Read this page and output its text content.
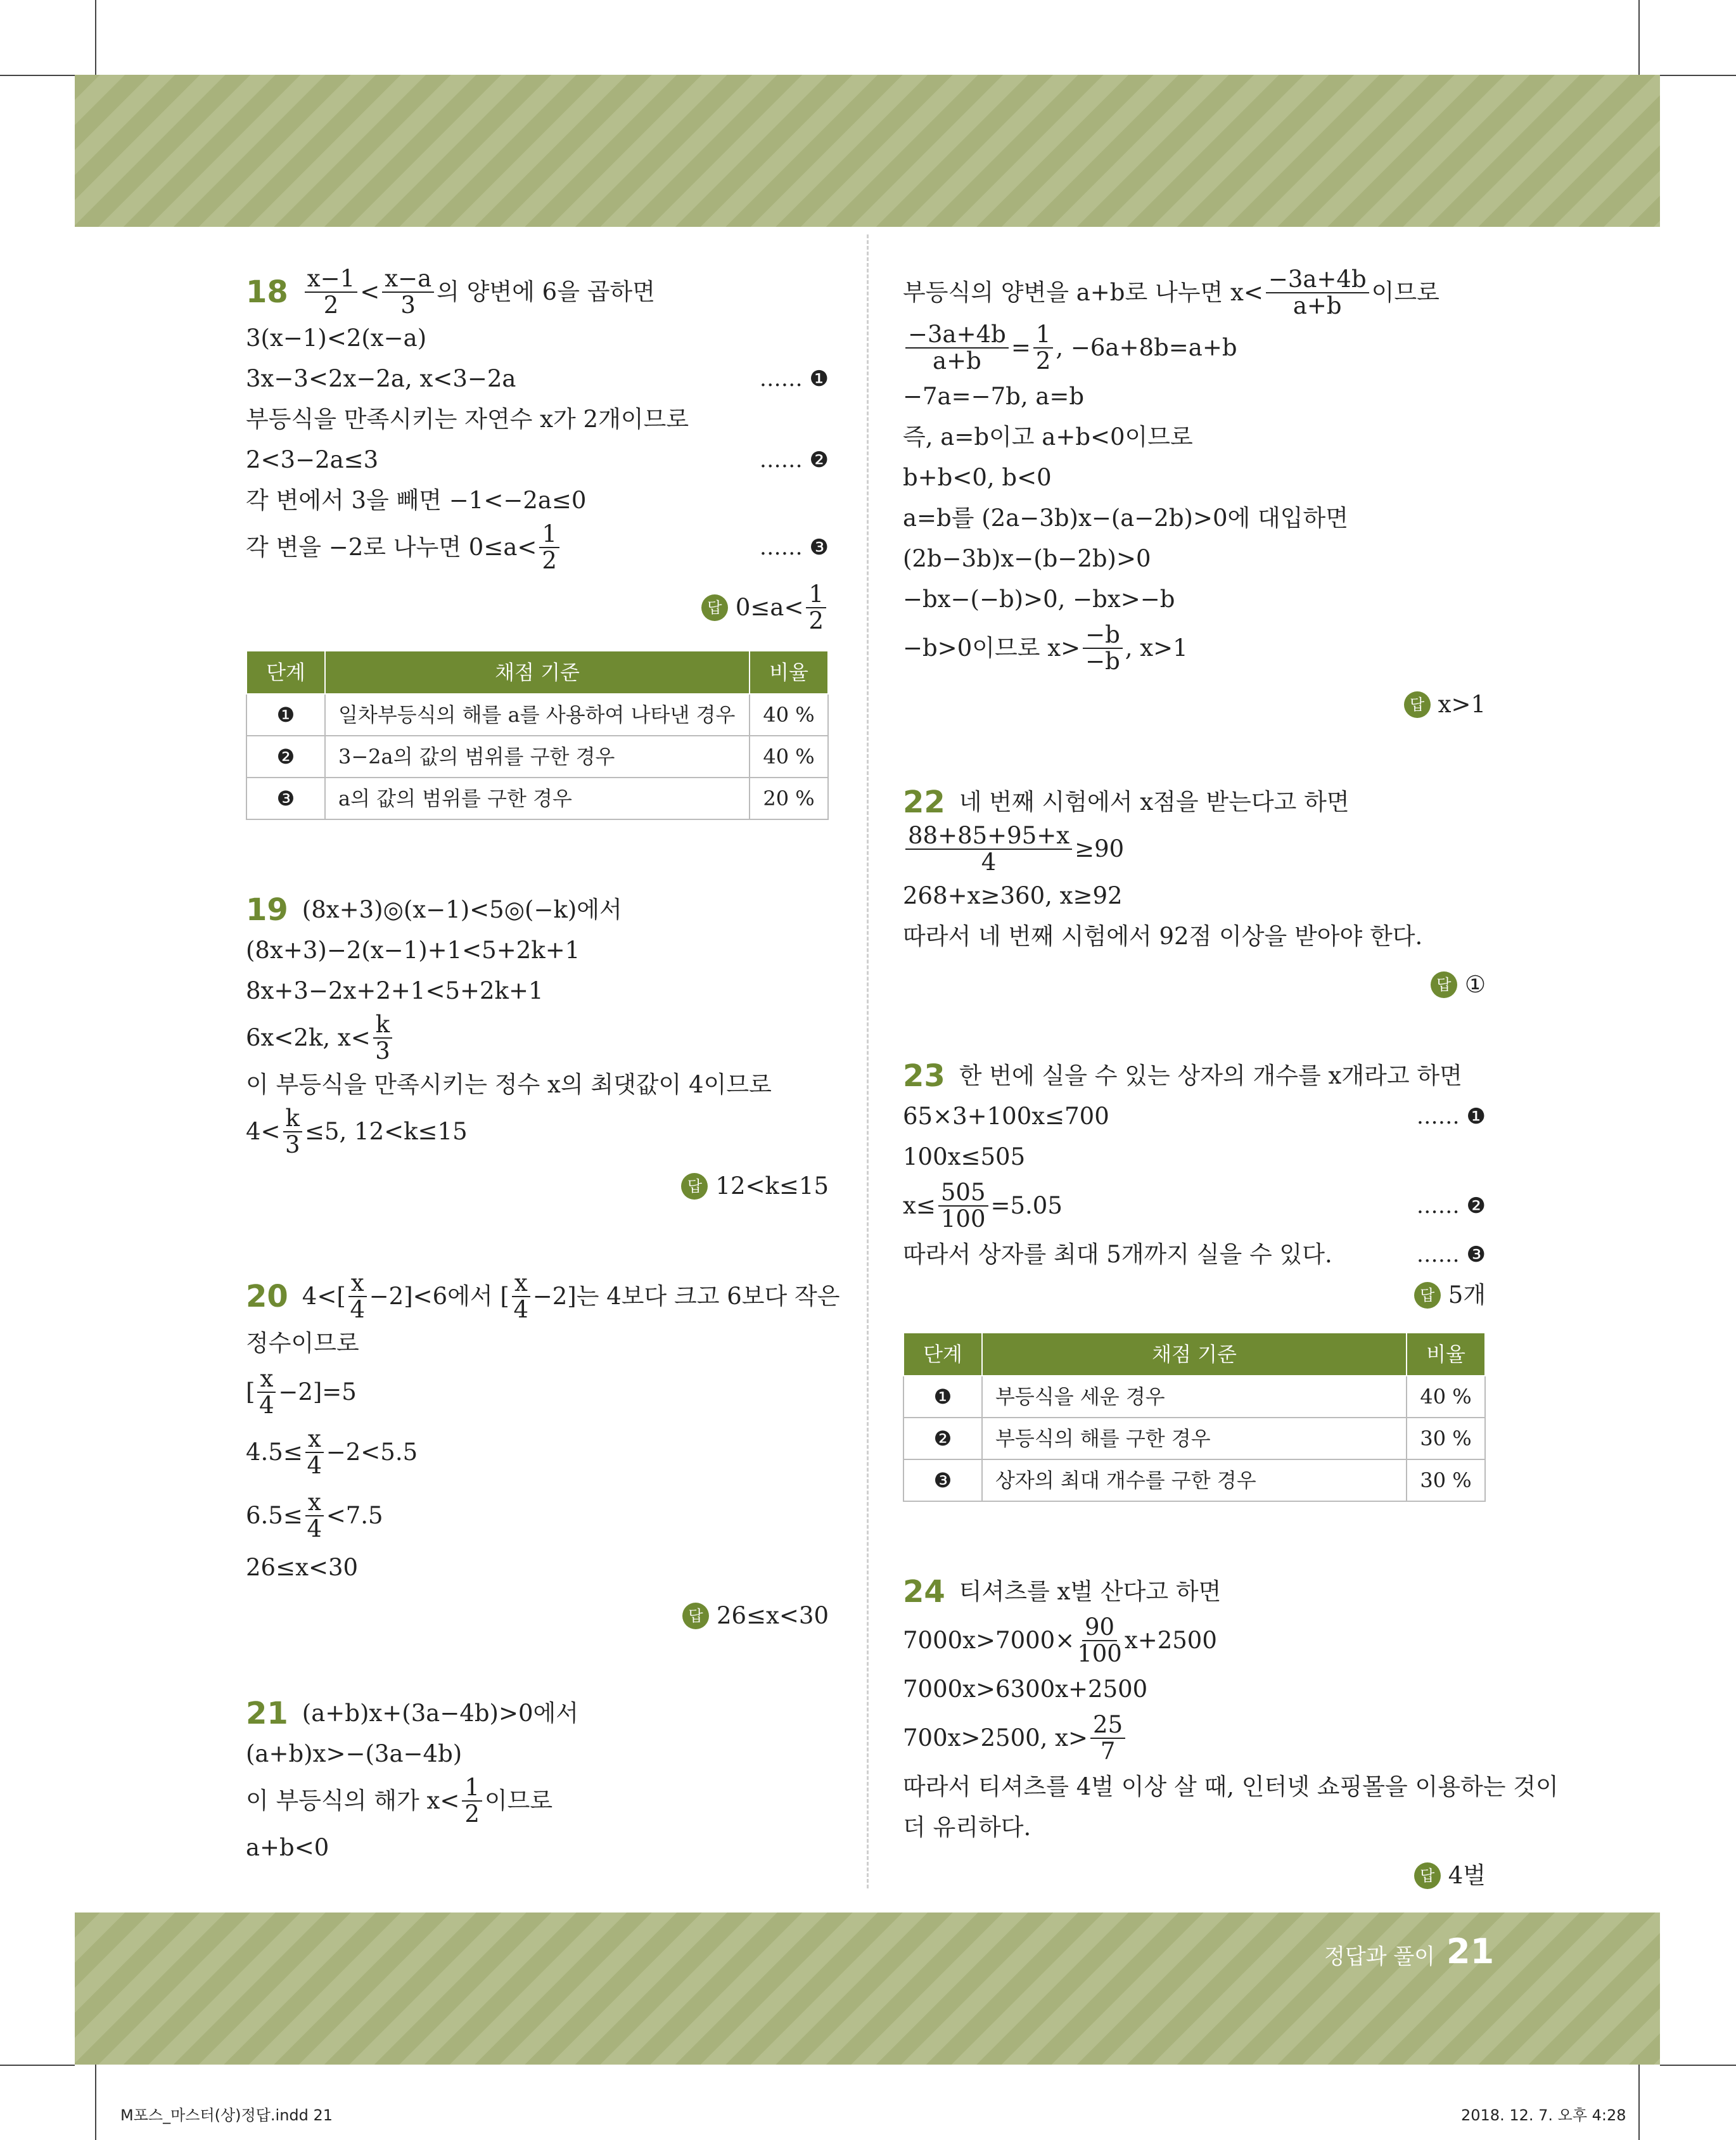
$18 \frac{x-1}{2} < \frac{x-a}{3}$ 의 양변에 6을 곱하면
3(x−1)<2(x−a)
3x−3<2x−2a, x<3−2a	…… ❶
부등식을 만족시키는 자연수 x가 2개이므로
2<3−2a≤3	…… ❷
각 변에서 3을 빼면 −1<−2a≤0
각 변을 −2로 나누면 $0\le a< \frac{1}{2}$	…… ❸
답 $0\le a< \frac{1}{2}$
단계	채점 기준	비율
❶	일차부등식의 해를 a를 사용하여 나타낸 경우	40 %
❷	3−2a의 값의 범위를 구한 경우	40 %
❸	a의 값의 범위를 구한 경우	20 %
19 (8x+3)◎(x−1)<5◎(−k)에서
(8x+3)−2(x−1)+1<5+2k+1
8x+3−2x+2+1<5+2k+1
6x<2k, $x< \frac{k}{3}$
이 부등식을 만족시키는 정수 x의 최댓값이 4이므로
$4< \frac{k}{3} \le 5$, 12<k≤15
답 12<k≤15
20 4< [ $\frac{x}{4} -2$ ] <6에서 [ $\frac{x}{4} -2$ ] 는 4보다 크고 6보다 작은
정수이므로
[ $\frac{x}{4} -2$ ] =5
$4.5\le \frac{x}{4} -2<5.5$
$6.5\le \frac{x}{4} <7.5$
26≤x<30
답 26≤x<30
21 (a+b)x+(3a−4b)>0에서
(a+b)x>−(3a−4b)
이 부등식의 해가 $x< \frac{1}{2}$ 이므로
a+b<0
부등식의 양변을 a+b로 나누면 $x< \frac{-3a+4b}{a+b}$ 이므로
$\frac{-3a+4b}{a+b} = \frac{1}{2}$ , −6a+8b=a+b
−7a=−7b, a=b
즉, a=b이고 a+b<0이므로
b+b<0, b<0
a=b를 (2a−3b)x−(a−2b)>0에 대입하면
(2b−3b)x−(b−2b)>0
−bx−(−b)>0, −bx>−b
−b>0이므로 $x> \frac{-b}{-b}$ , x>1
답 x>1
22 네 번째 시험에서 x점을 받는다고 하면
$\frac{88+85+95+x}{4} \ge 90$
268+x≥360, x≥92
따라서 네 번째 시험에서 92점 이상을 받아야 한다.
답 ①
23 한 번에 실을 수 있는 상자의 개수를 x개라고 하면
65×3+100x≤700	…… ❶
100x≤505
$x\le \frac{505}{100} =5.05$	…… ❷
따라서 상자를 최대 5개까지 실을 수 있다.	…… ❸
답 5개
단계	채점 기준	비율
❶	부등식을 세운 경우	40 %
❷	부등식의 해를 구한 경우	30 %
❸	상자의 최대 개수를 구한 경우	30 %
24 티셔츠를 x벌 산다고 하면
$7000x>7000\times \frac{90}{100} x+2500$
7000x>6300x+2500
700x>2500, $x> \frac{25}{7}$
따라서 티셔츠를 4벌 이상 살 때, 인터넷 쇼핑몰을 이용하는 것이
더 유리하다.
답 4벌
정답과 풀이 21
M포스_마스터(상)정답.indd 21	2018. 12. 7. 오후 4:28
